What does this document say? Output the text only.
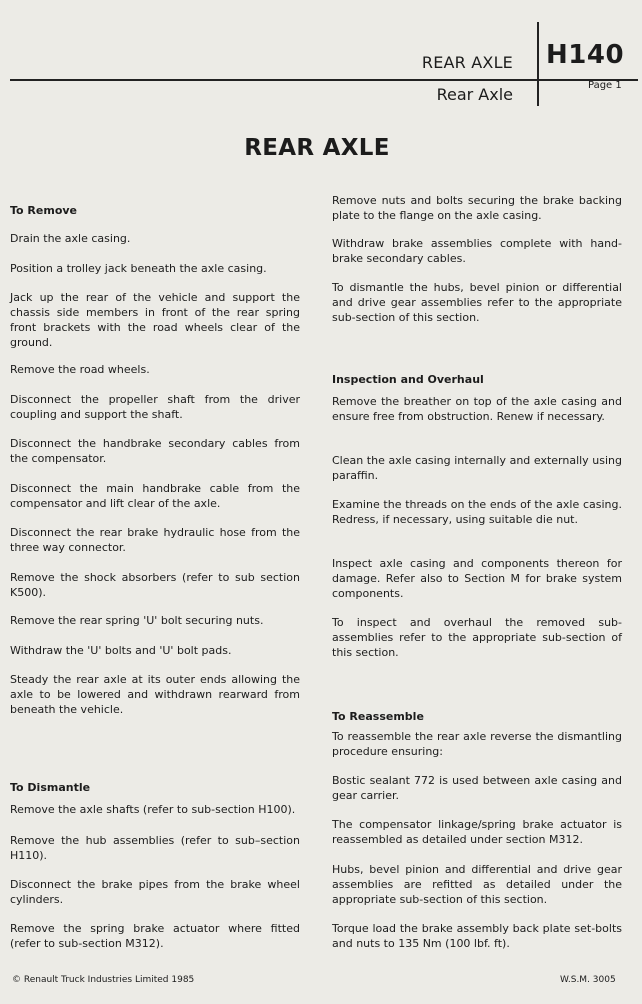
REAR AXLE
Rear Axle
H140
Page 1
REAR AXLE
To Remove

Drain the axle casing.

Position a trolley jack beneath the axle casing.

Jack up the rear of the vehicle and support the chassis side members in front of the rear spring front brackets with the road wheels clear of the ground.

Remove the road wheels.

Disconnect the propeller shaft from the driver coupling and support the shaft.

Disconnect the handbrake secondary cables from the compensator.

Disconnect the main handbrake cable from the compensator and lift clear of the axle.

Disconnect the rear brake hydraulic hose from the three way connector.

Remove the shock absorbers (refer to sub section K500).

Remove the rear spring 'U' bolt securing nuts.

Withdraw the 'U' bolts and 'U' bolt pads.

Steady the rear axle at its outer ends allowing the axle to be lowered and withdrawn rearward from beneath the vehicle.

To Dismantle

Remove the axle shafts (refer to sub-section H100).

Remove the hub assemblies (refer to sub–section H110).

Disconnect the brake pipes from the brake wheel cylinders.

Remove the spring brake actuator where fitted (refer to sub-section M312).

Remove nuts and bolts securing the brake backing plate to the flange on the axle casing.

Withdraw brake assemblies complete with hand-brake secondary cables.

To dismantle the hubs, bevel pinion or differential and drive gear assemblies refer to the appropriate sub-section of this section.

Inspection and Overhaul

Remove the breather on top of the axle casing and ensure free from obstruction. Renew if necessary.

Clean the axle casing internally and externally using paraffin.

Examine the threads on the ends of the axle casing. Redress, if necessary, using suitable die nut.

Inspect axle casing and components thereon for damage. Refer also to Section M for brake system components.

To inspect and overhaul the removed sub-assemblies refer to the appropriate sub-section of this section.

To Reassemble

To reassemble the rear axle reverse the dismantling procedure ensuring:

Bostic sealant 772 is used between axle casing and gear carrier.

The compensator linkage/spring brake actuator is reassembled as detailed under section M312.

Hubs, bevel pinion and differential and drive gear assemblies are refitted as detailed under the appropriate sub-section of this section.

Torque load the brake assembly back plate set-bolts and nuts to 135 Nm (100 lbf. ft).

© Renault Truck Industries Limited 1985	W.S.M. 3005
